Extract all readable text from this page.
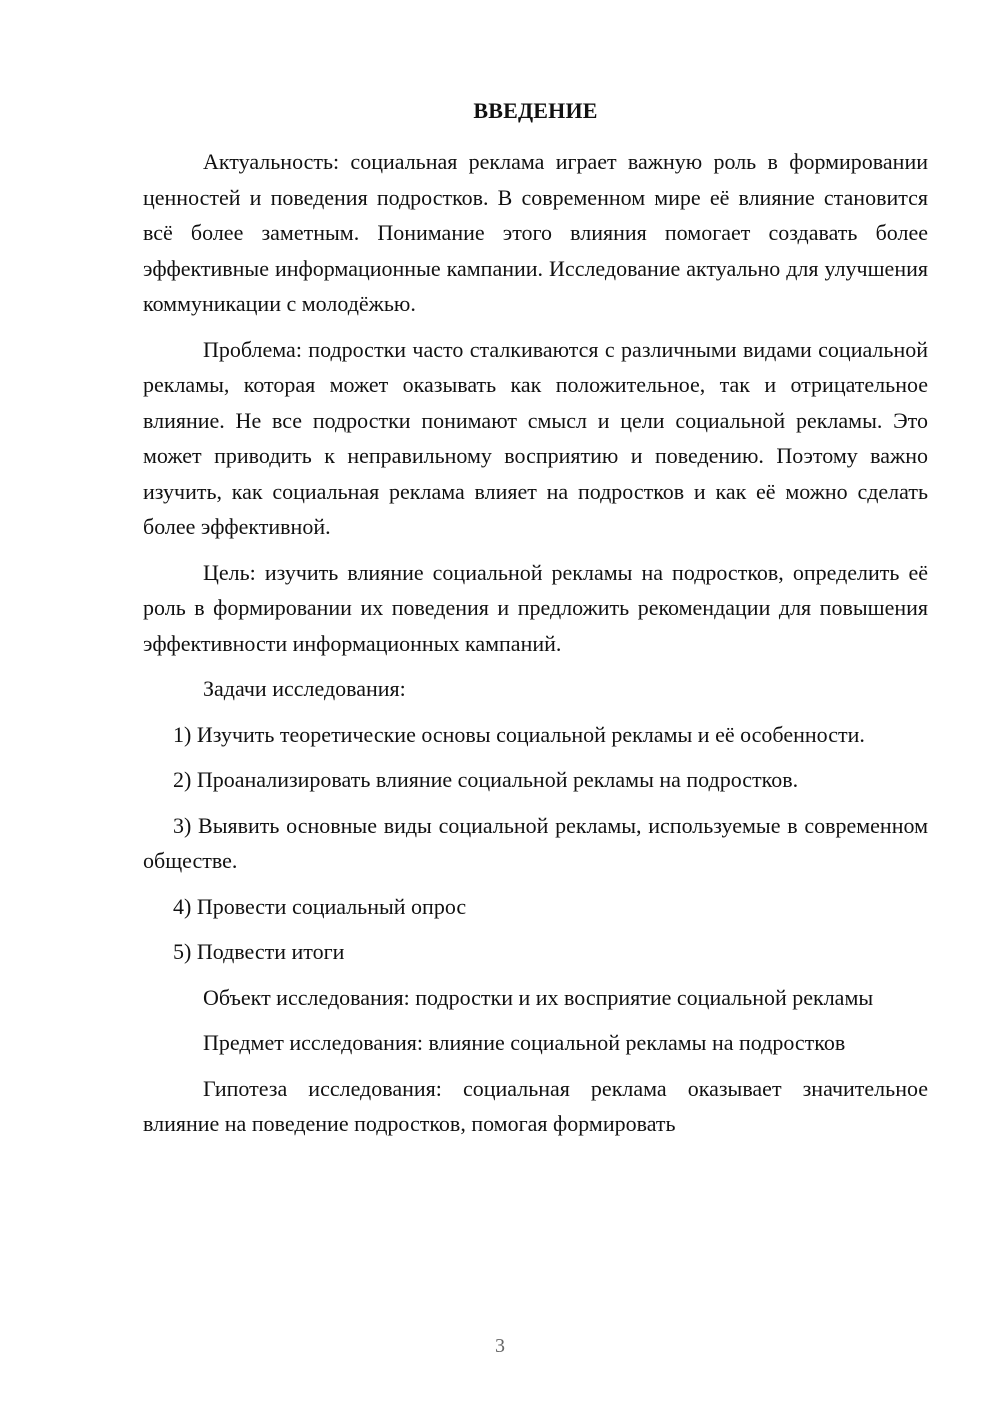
ВВЕДЕНИЕ

Актуальность: социальная реклама играет важную роль в формировании ценностей и поведения подростков. В современном мире её влияние становится всё более заметным. Понимание этого влияния помогает создавать более эффективные информационные кампании. Исследование актуально для улучшения коммуникации с молодёжью.

Проблема: подростки часто сталкиваются с различными видами социальной рекламы, которая может оказывать как положительное, так и отрицательное влияние. Не все подростки понимают смысл и цели социальной рекламы. Это может приводить к неправильному восприятию и поведению. Поэтому важно изучить, как социальная реклама влияет на подростков и как её можно сделать более эффективной.

Цель: изучить влияние социальной рекламы на подростков, определить её роль в формировании их поведения и предложить рекомендации для повышения эффективности информационных кампаний.

Задачи исследования:

1) Изучить теоретические основы социальной рекламы и её особенности.

2) Проанализировать влияние социальной рекламы на подростков.

3) Выявить основные виды социальной рекламы, используемые в современном обществе.

4) Провести социальный опрос

5) Подвести итоги

Объект исследования: подростки и их восприятие социальной рекламы

Предмет исследования: влияние социальной рекламы на подростков

Гипотеза исследования: социальная реклама оказывает значительное влияние на поведение подростков, помогая формировать

3
